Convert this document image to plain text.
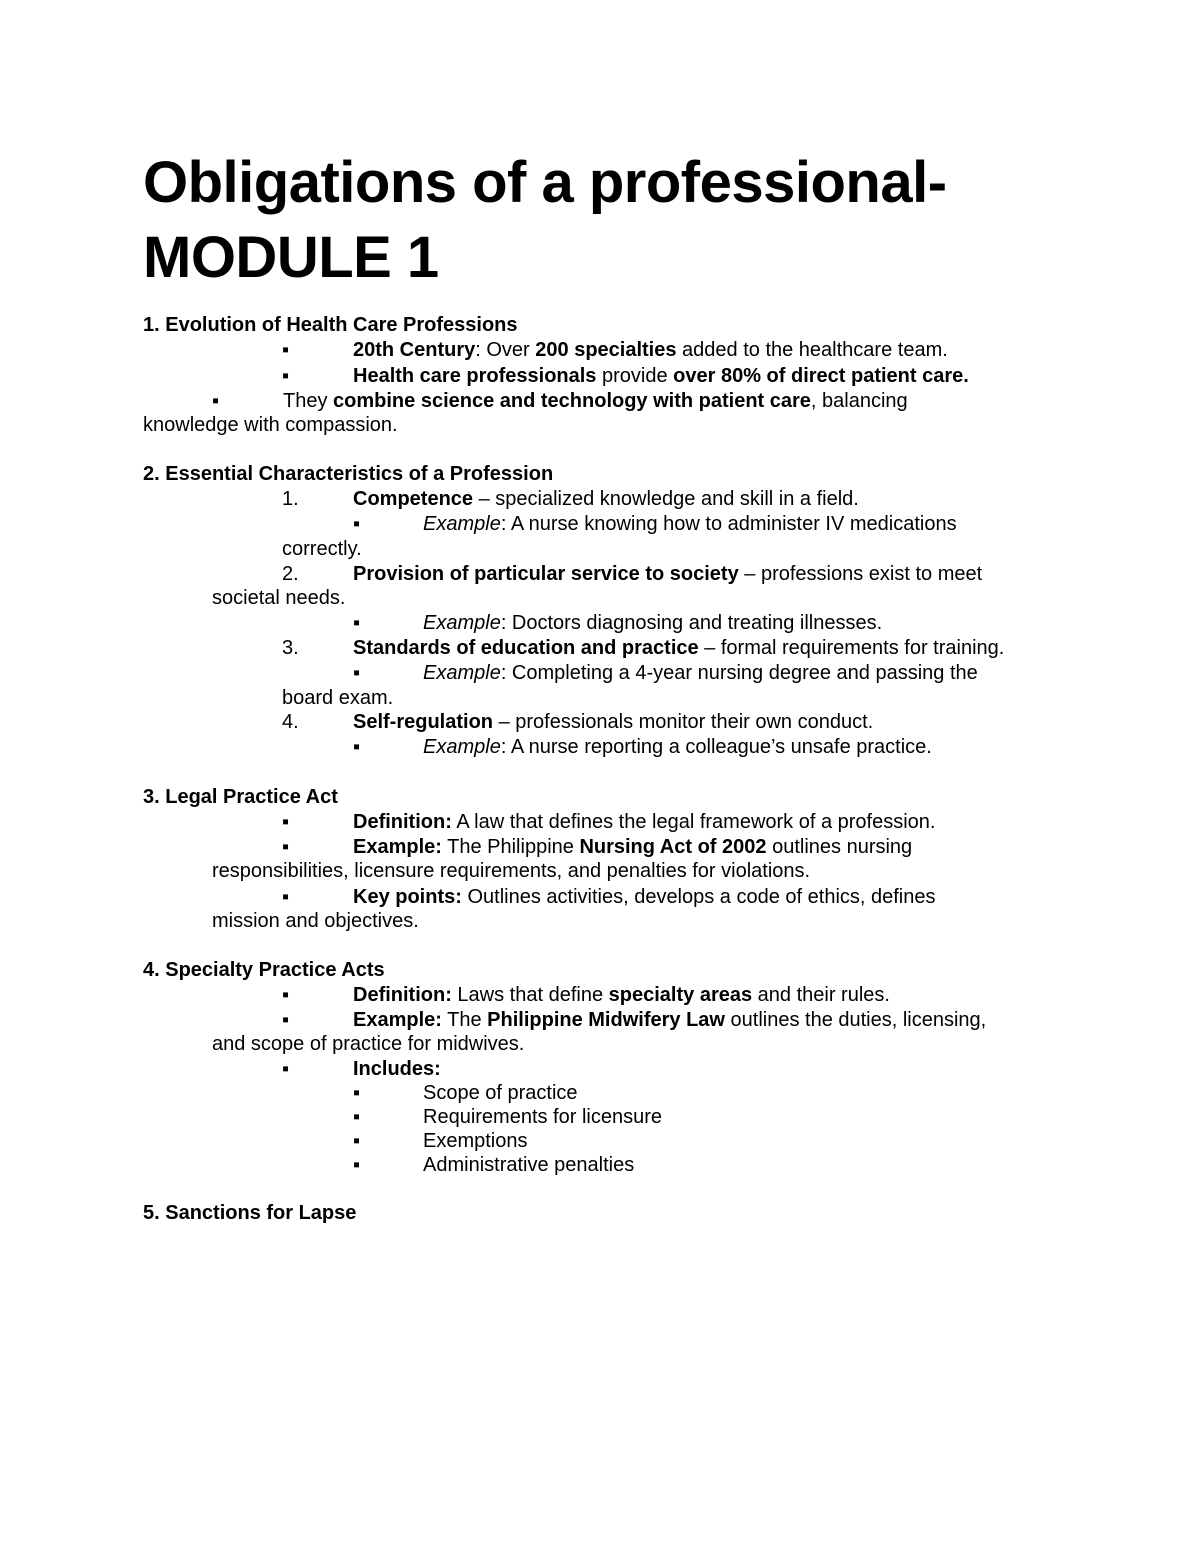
Obligations of a professional- MODULE 1
1. Evolution of Health Care Professions
▪	20th Century: Over 200 specialties added to the healthcare team.
▪	Health care professionals provide over 80% of direct patient care.
▪	They combine science and technology with patient care, balancing
knowledge with compassion.
2. Essential Characteristics of a Profession
1.	Competence – specialized knowledge and skill in a field.
▪	Example: A nurse knowing how to administer IV medications
correctly.
2.	Provision of particular service to society – professions exist to meet
societal needs.
▪	Example: Doctors diagnosing and treating illnesses.
3.	Standards of education and practice – formal requirements for training.
▪	Example: Completing a 4-year nursing degree and passing the
board exam.
4.	Self-regulation – professionals monitor their own conduct.
▪	Example: A nurse reporting a colleague’s unsafe practice.
3. Legal Practice Act
▪	Definition: A law that defines the legal framework of a profession.
▪	Example: The Philippine Nursing Act of 2002 outlines nursing
responsibilities, licensure requirements, and penalties for violations.
▪	Key points: Outlines activities, develops a code of ethics, defines
mission and objectives.
4. Specialty Practice Acts
▪	Definition: Laws that define specialty areas and their rules.
▪	Example: The Philippine Midwifery Law outlines the duties, licensing,
and scope of practice for midwives.
▪	Includes:
▪	Scope of practice
▪	Requirements for licensure
▪	Exemptions
▪	Administrative penalties
5. Sanctions for Lapse
